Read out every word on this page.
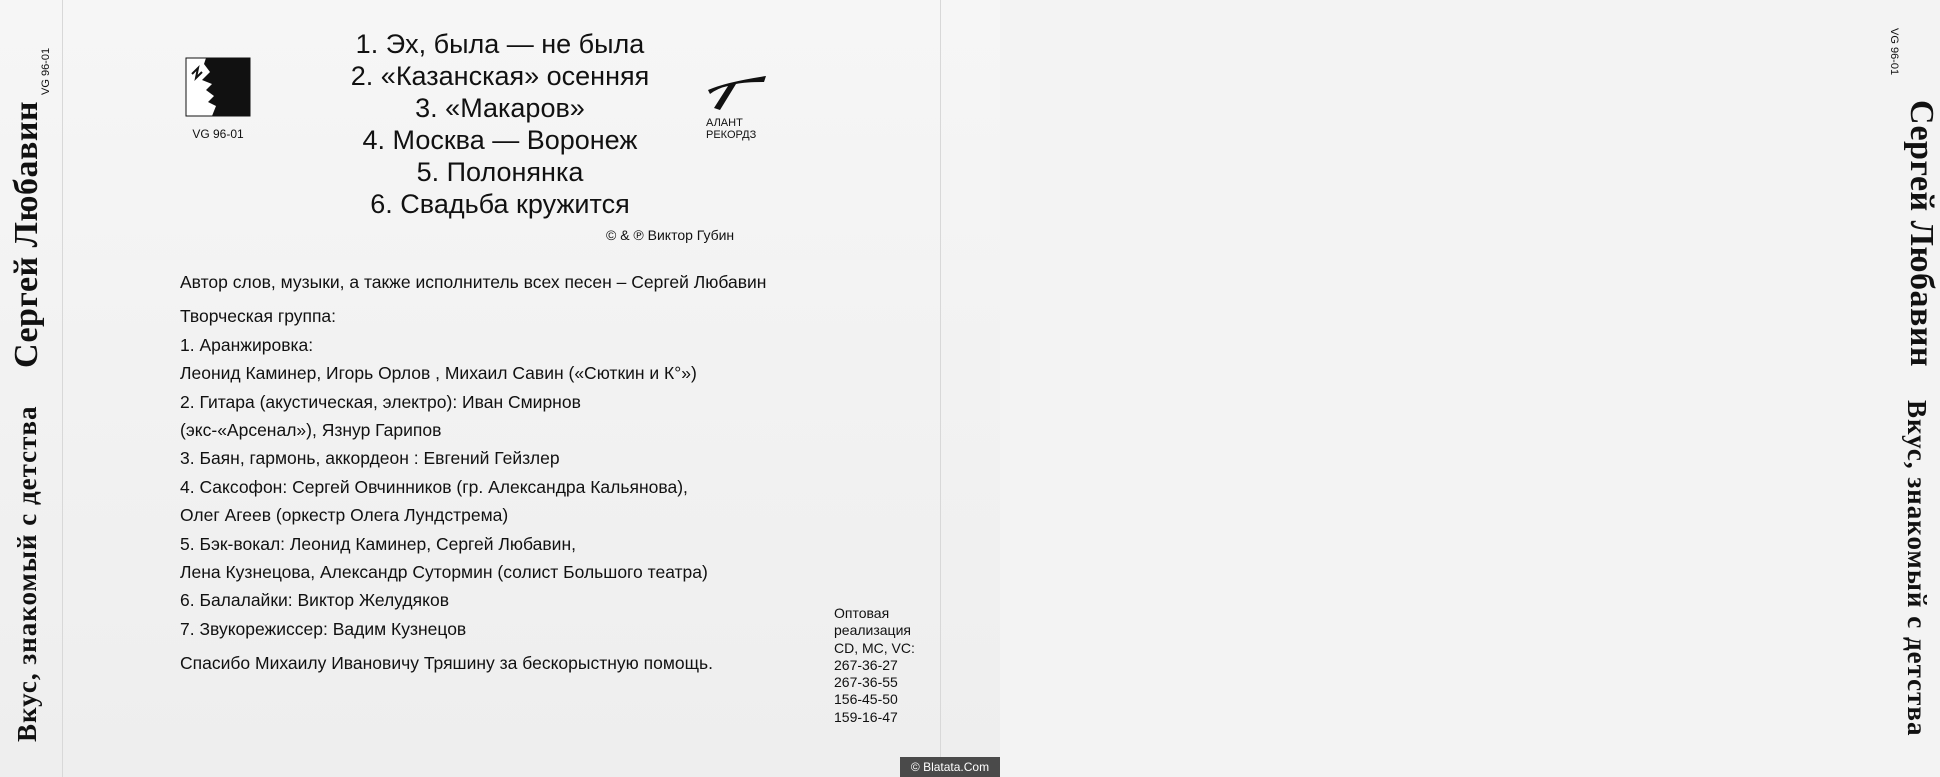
Сергей Любавин
VG 96-01
Вкус, знакомый с детства
VG 96-01
Сергей Любавин
Вкус, знакомый с детства
VG 96-01
АЛАНТ
РЕКОРДЗ
1. Эх, была — не была
2. «Казанская» осенняя
3. «Макаров»
4. Москва — Воронеж
5. Полонянка
6. Свадьба кружится
© & ℗ Виктор Губин
Автор слов, музыки, а также исполнитель всех песен – Сергей Любавин
Творческая группа:
1. Аранжировка:
Леонид Каминер, Игорь Орлов , Михаил Савин («Сюткин и К°»)
2. Гитара (акустическая, электро): Иван Смирнов
(экс-«Арсенал»), Язнур Гарипов
3. Баян, гармонь, аккордеон : Евгений Гейзлер
4. Саксофон: Сергей Овчинников (гр. Александра Кальянова),
Олег Агеев (оркестр Олега Лундстрема)
5. Бэк-вокал: Леонид Каминер, Сергей Любавин,
Лена Кузнецова, Александр Сутормин (солист Большого театра)
6. Балалайки: Виктор Желудяков
7. Звукорежиссер: Вадим Кузнецов
Спасибо Михаилу Ивановичу Тряшину за бескорыстную помощь.
Оптовая
реализация
CD, MC, VC:
267-36-27
267-36-55
156-45-50
159-16-47
© Blatata.Com
